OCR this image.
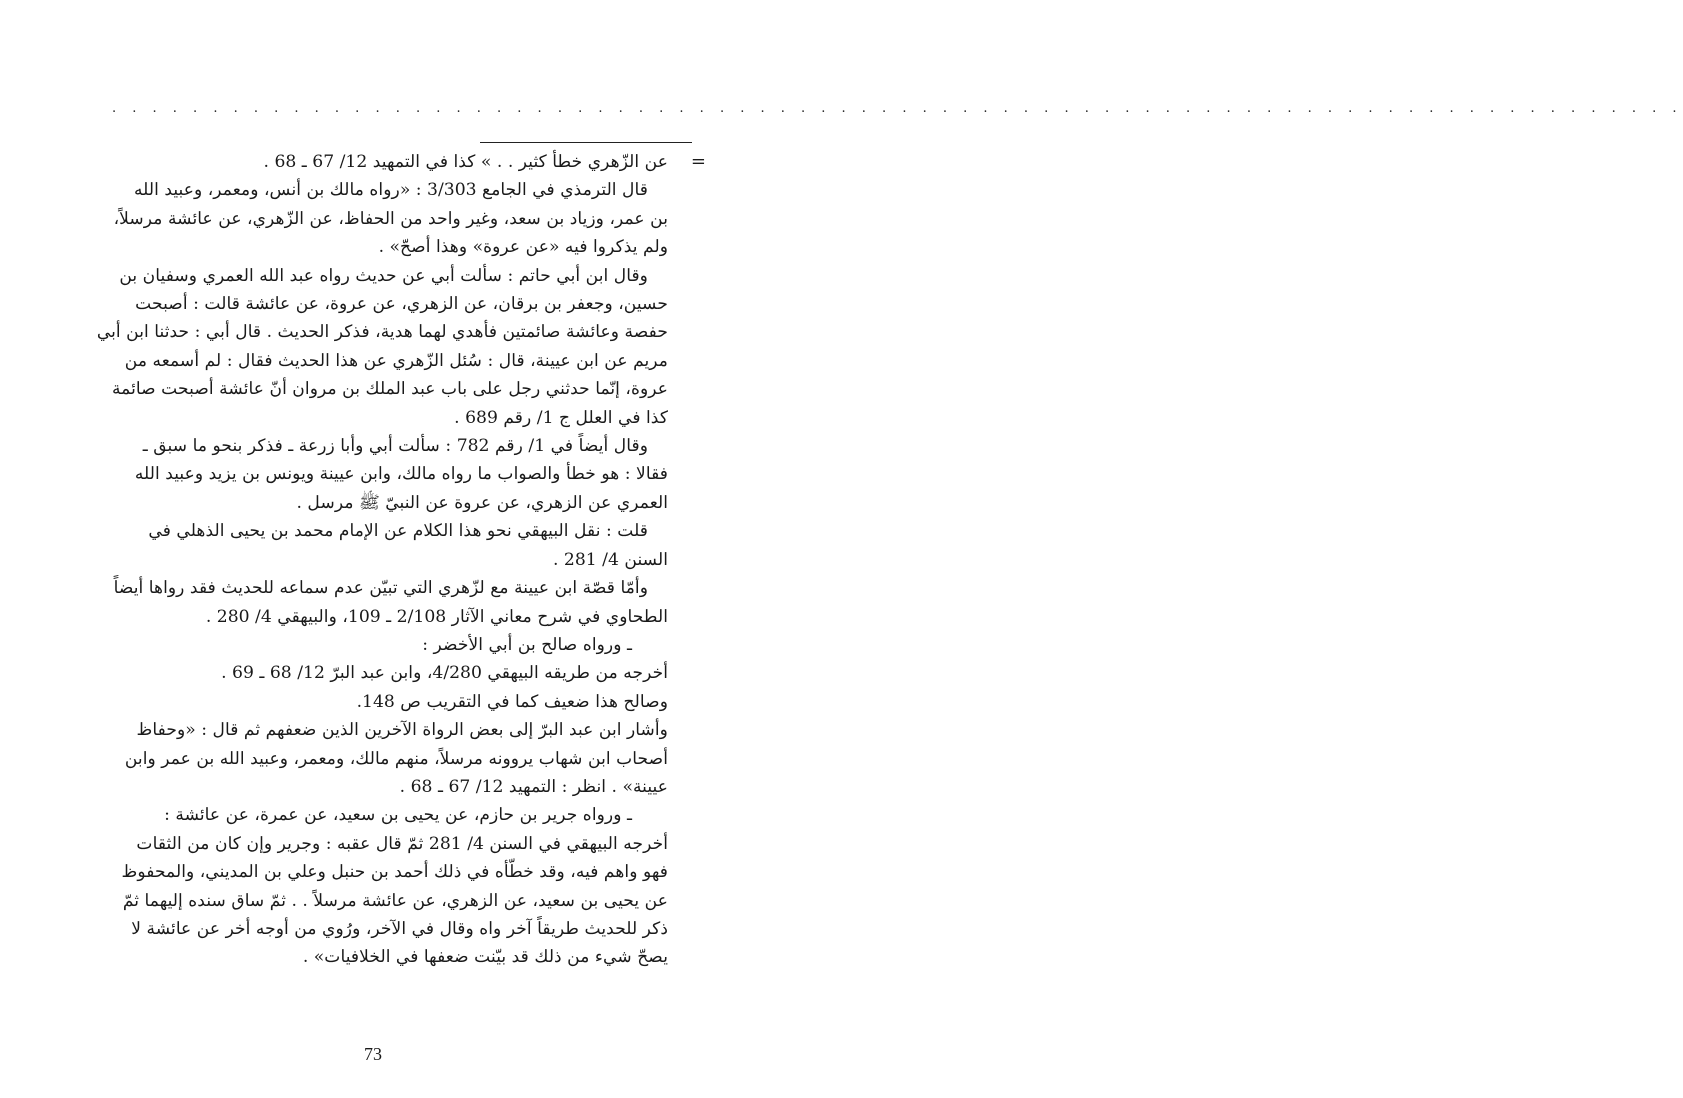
. . . . . . . . . . . . . . . . . . . . . . . . . . . . . . . . . . . . . . . . . . . . . . . . . . . . . . . . . . . . . . . . . . . . . . . . . . . . . .
=

عن الزّهري خطأ كثير . . » كذا في التمهيد 12/ 67 ـ 68 .

قال الترمذي في الجامع 3/303 : «رواه مالك بن أنس، ومعمر، وعبيد الله

بن عمر، وزياد بن سعد، وغير واحد من الحفاظ، عن الزّهري، عن عائشة مرسلاً،

ولم يذكروا فيه «عن عروة» وهذا أصحّ» .

وقال ابن أبي حاتم : سألت أبي عن حديث رواه عبد الله العمري وسفيان بن

حسين، وجعفر بن برقان، عن الزهري، عن عروة، عن عائشة قالت : أصبحت

حفصة وعائشة صائمتين فأهدي لهما هدية، فذكر الحديث . قال أبي : حدثنا ابن أبي

مريم عن ابن عيينة، قال : سُئل الزّهري عن هذا الحديث فقال : لم أسمعه من

عروة، إنّما حدثني رجل على باب عبد الملك بن مروان أنّ عائشة أصبحت صائمة

كذا في العلل ج 1/ رقم 689 .

وقال أيضاً في 1/ رقم 782 : سألت أبي وأبا زرعة ـ فذكر بنحو ما سبق ـ

فقالا : هو خطأ والصواب ما رواه مالك، وابن عيينة ويونس بن يزيد وعبيد الله

العمري عن الزهري، عن عروة عن النبيّ ﷺ مرسل .

قلت : نقل البيهقي نحو هذا الكلام عن الإمام محمد بن يحيى الذهلي في

السنن 4/ 281 .

وأمّا قصّة ابن عيينة مع لزّهري التي تبيّن عدم سماعه للحديث فقد رواها أيضاً

الطحاوي في شرح معاني الآثار 2/108 ـ 109، والبيهقي 4/ 280 .

ـ ورواه صالح بن أبي الأخضر :

أخرجه من طريقه البيهقي 4/280، وابن عبد البرّ 12/ 68 ـ 69 .

وصالح هذا ضعيف كما في التقريب ص 148.

وأشار ابن عبد البرّ إلى بعض الرواة الآخرين الذين ضعفهم ثم قال : «وحفاظ

أصحاب ابن شهاب يروونه مرسلاً، منهم مالك، ومعمر، وعبيد الله بن عمر وابن

عيينة» . انظر : التمهيد 12/ 67 ـ 68 .

ـ ورواه جرير بن حازم، عن يحيى بن سعيد، عن عمرة، عن عائشة :

أخرجه البيهقي في السنن 4/ 281 ثمّ قال عقبه : وجرير وإن كان من الثقات

فهو واهم فيه، وقد خطّأه في ذلك أحمد بن حنبل وعلي بن المديني، والمحفوظ

عن يحيى بن سعيد، عن الزهري، عن عائشة مرسلاً . . ثمّ ساق سنده إليهما ثمّ

ذكر للحديث طريقاً آخر واه وقال في الآخر، ورُوي من أوجه أخر عن عائشة لا

يصحّ شيء من ذلك قد بيّنت ضعفها في الخلافيات» .

73
